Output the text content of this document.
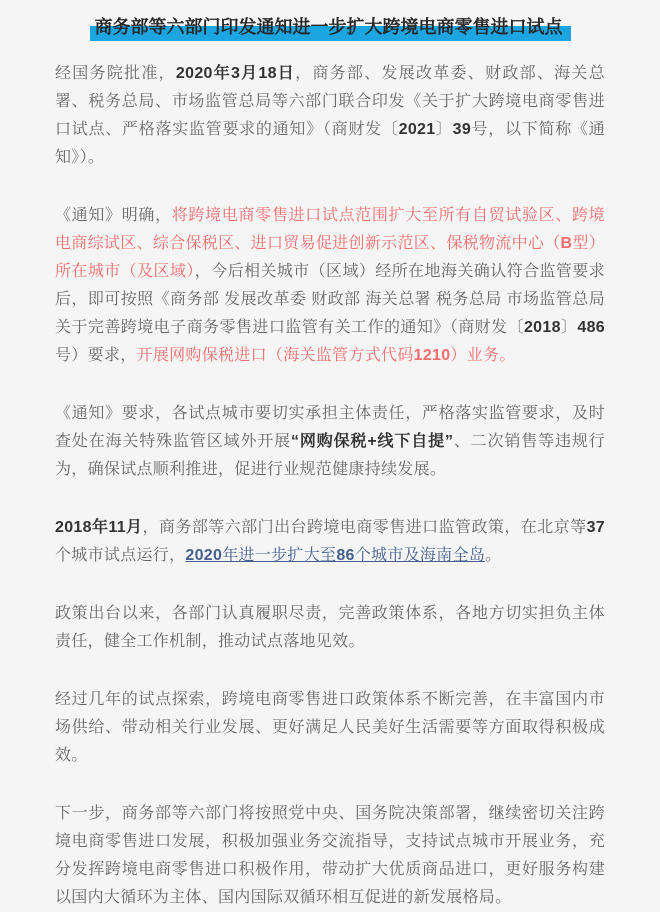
商务部等六部门印发通知进一步扩大跨境电商零售进口试点

经国务院批准，2020年3月18日，商务部、发展改革委、财政部、海关总署、税务总局、市场监管总局等六部门联合印发《关于扩大跨境电商零售进口试点、严格落实监管要求的通知》（商财发〔2021〕39号，以下简称《通知》）。

《通知》明确，将跨境电商零售进口试点范围扩大至所有自贸试验区、跨境电商综试区、综合保税区、进口贸易促进创新示范区、保税物流中心（B型）所在城市（及区域），今后相关城市（区域）经所在地海关确认符合监管要求后，即可按照《商务部 发展改革委 财政部 海关总署 税务总局 市场监管总局关于完善跨境电子商务零售进口监管有关工作的通知》（商财发〔2018〕486号）要求，开展网购保税进口（海关监管方式代码1210）业务。

《通知》要求，各试点城市要切实承担主体责任，严格落实监管要求，及时查处在海关特殊监管区域外开展“网购保税+线下自提”、二次销售等违规行为，确保试点顺利推进，促进行业规范健康持续发展。

2018年11月，商务部等六部门出台跨境电商零售进口监管政策，在北京等37个城市试点运行，2020年进一步扩大至86个城市及海南全岛。

政策出台以来，各部门认真履职尽责，完善政策体系，各地方切实担负主体责任，健全工作机制，推动试点落地见效。

经过几年的试点探索，跨境电商零售进口政策体系不断完善，在丰富国内市场供给、带动相关行业发展、更好满足人民美好生活需要等方面取得积极成效。

下一步，商务部等六部门将按照党中央、国务院决策部署，继续密切关注跨境电商零售进口发展，积极加强业务交流指导，支持试点城市开展业务，充分发挥跨境电商零售进口积极作用，带动扩大优质商品进口，更好服务构建以国内大循环为主体、国内国际双循环相互促进的新发展格局。
